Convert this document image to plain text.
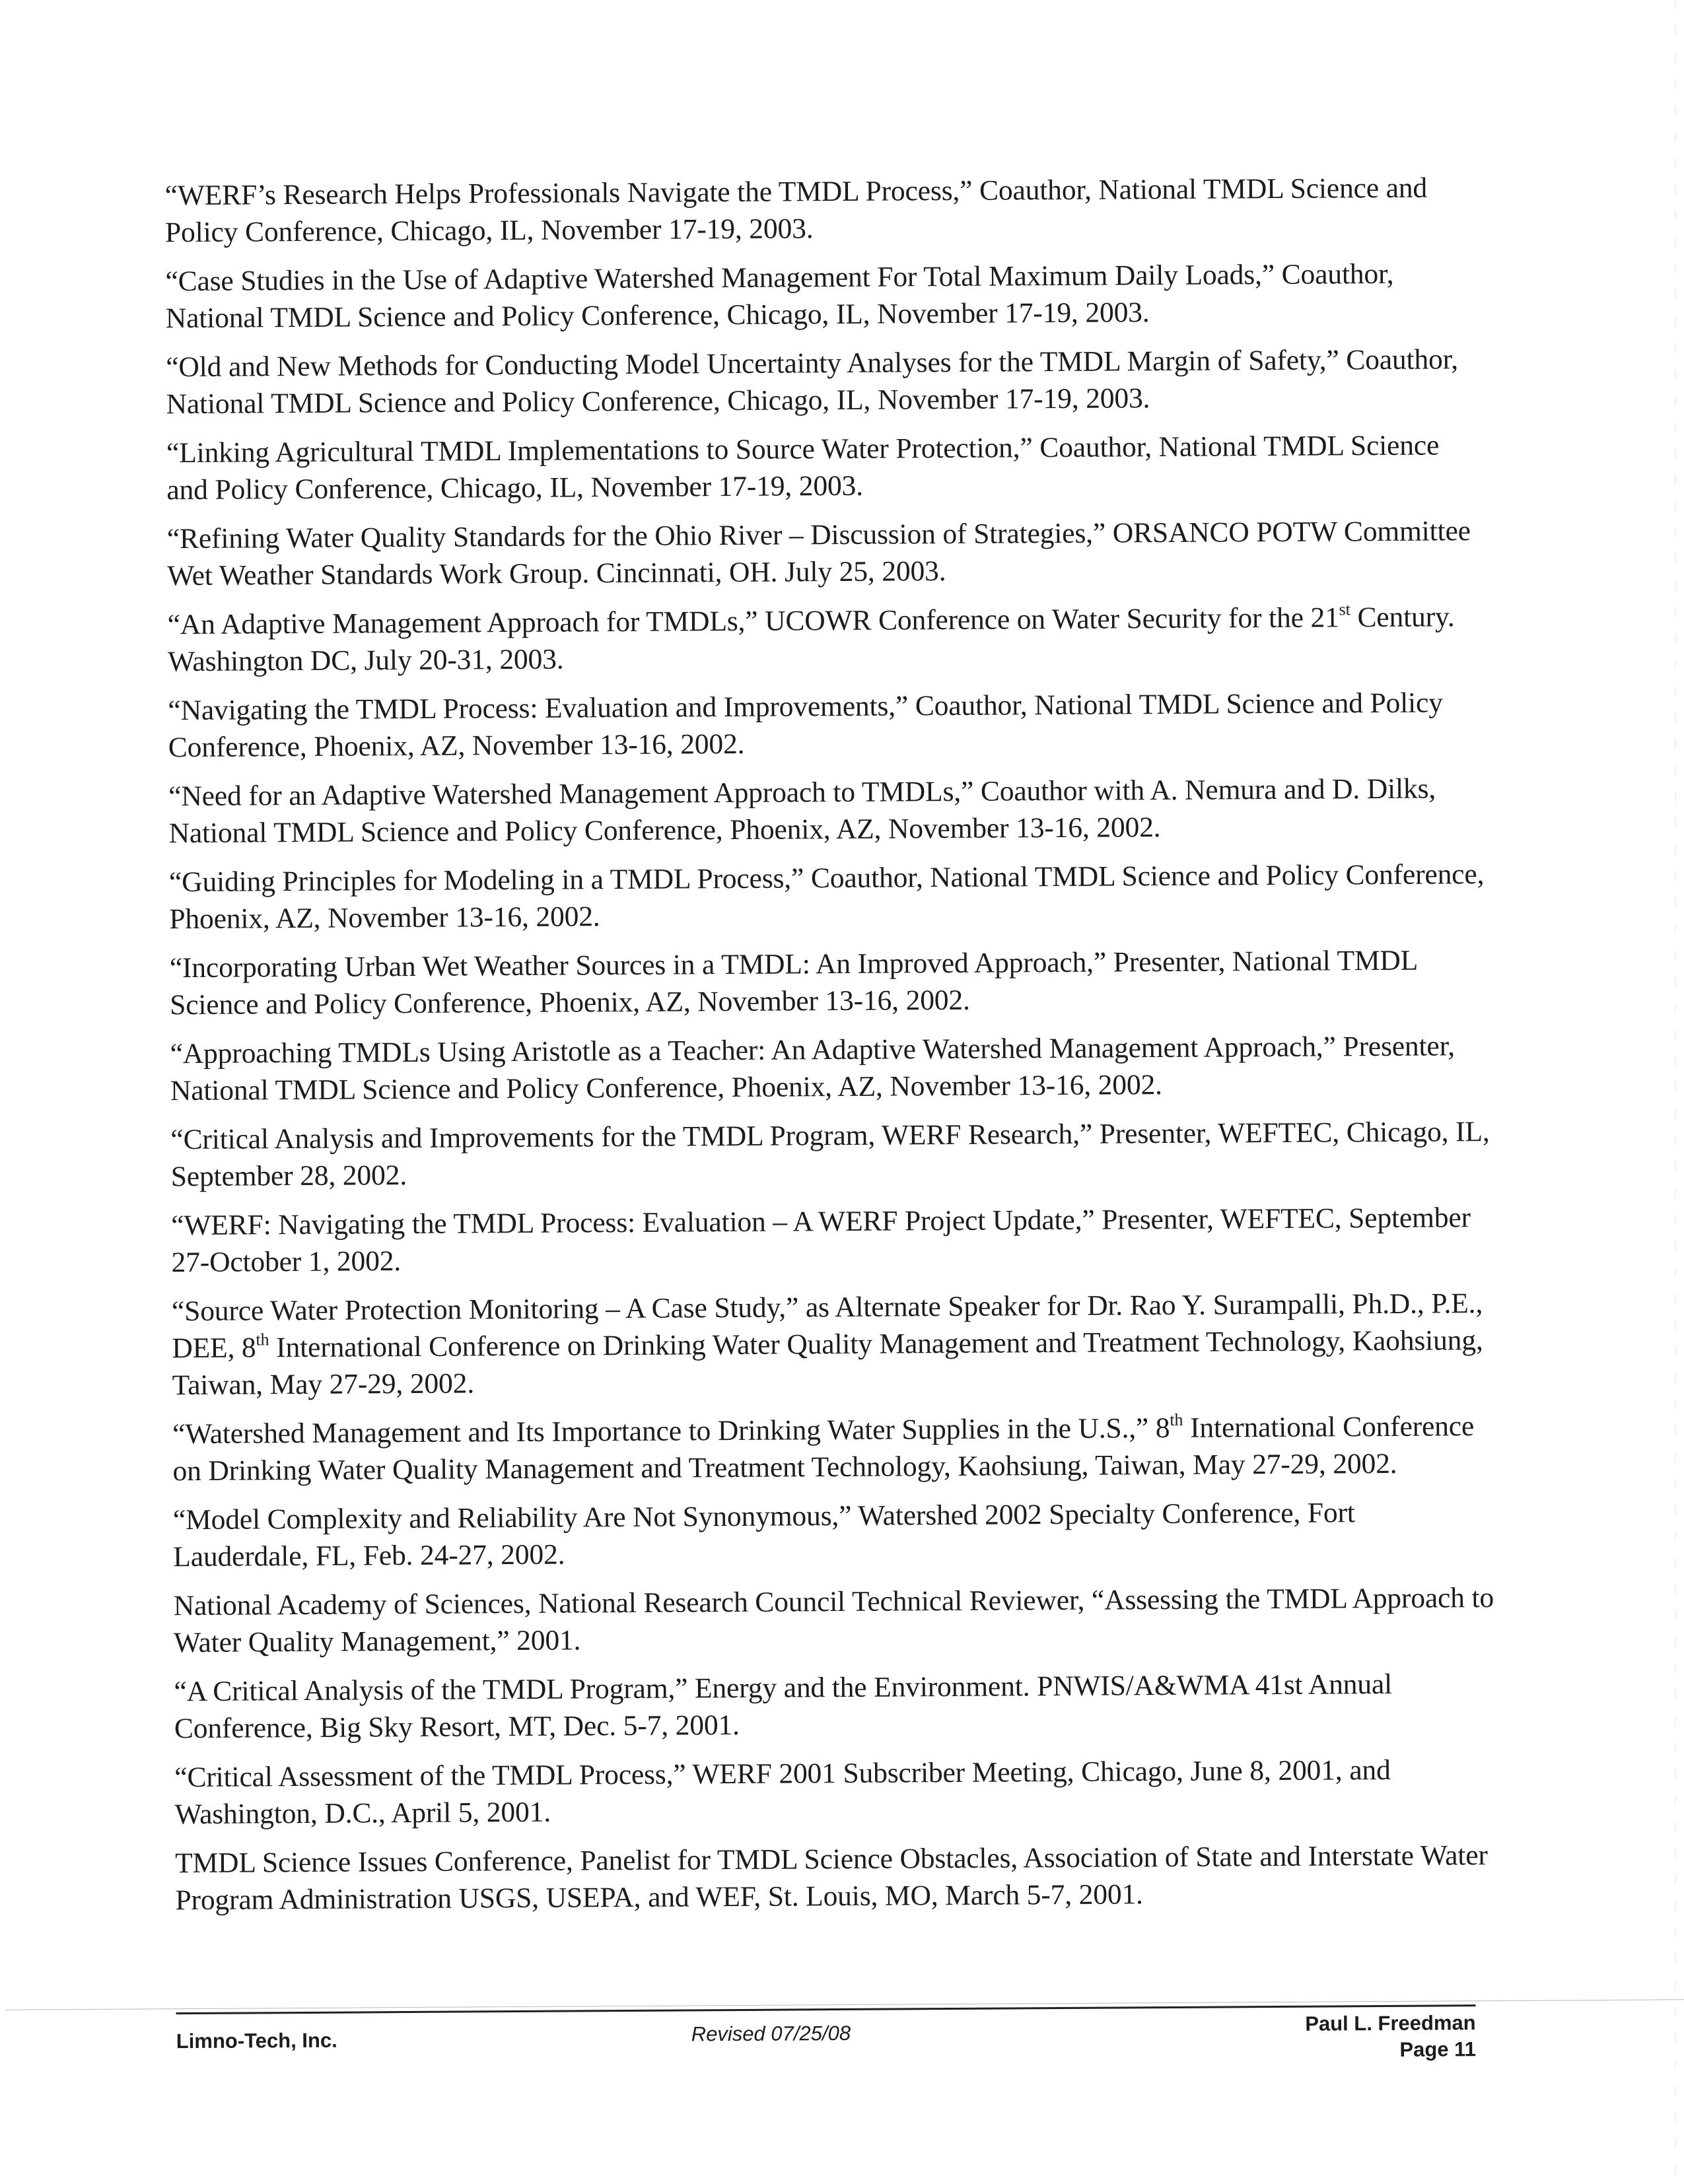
“WERF’s Research Helps Professionals Navigate the TMDL Process,” Coauthor, National TMDL Science and Policy Conference, Chicago, IL, November 17-19, 2003.

“Case Studies in the Use of Adaptive Watershed Management For Total Maximum Daily Loads,” Coauthor, National TMDL Science and Policy Conference, Chicago, IL, November 17-19, 2003.

“Old and New Methods for Conducting Model Uncertainty Analyses for the TMDL Margin of Safety,” Coauthor, National TMDL Science and Policy Conference, Chicago, IL, November 17-19, 2003.

“Linking Agricultural TMDL Implementations to Source Water Protection,” Coauthor, National TMDL Science and Policy Conference, Chicago, IL, November 17-19, 2003.

“Refining Water Quality Standards for the Ohio River – Discussion of Strategies,” ORSANCO POTW Committee Wet Weather Standards Work Group. Cincinnati, OH. July 25, 2003.

“An Adaptive Management Approach for TMDLs,” UCOWR Conference on Water Security for the 21st Century. Washington DC, July 20-31, 2003.

“Navigating the TMDL Process: Evaluation and Improvements,” Coauthor, National TMDL Science and Policy Conference, Phoenix, AZ, November 13-16, 2002.

“Need for an Adaptive Watershed Management Approach to TMDLs,” Coauthor with A. Nemura and D. Dilks, National TMDL Science and Policy Conference, Phoenix, AZ, November 13-16, 2002.

“Guiding Principles for Modeling in a TMDL Process,” Coauthor, National TMDL Science and Policy Conference, Phoenix, AZ, November 13-16, 2002.

“Incorporating Urban Wet Weather Sources in a TMDL: An Improved Approach,” Presenter, National TMDL Science and Policy Conference, Phoenix, AZ, November 13-16, 2002.

“Approaching TMDLs Using Aristotle as a Teacher: An Adaptive Watershed Management Approach,” Presenter, National TMDL Science and Policy Conference, Phoenix, AZ, November 13-16, 2002.

“Critical Analysis and Improvements for the TMDL Program, WERF Research,” Presenter, WEFTEC, Chicago, IL, September 28, 2002.

“WERF: Navigating the TMDL Process: Evaluation – A WERF Project Update,” Presenter, WEFTEC, September 27-October 1, 2002.

“Source Water Protection Monitoring – A Case Study,” as Alternate Speaker for Dr. Rao Y. Surampalli, Ph.D., P.E., DEE, 8th International Conference on Drinking Water Quality Management and Treatment Technology, Kaohsiung, Taiwan, May 27-29, 2002.

“Watershed Management and Its Importance to Drinking Water Supplies in the U.S.,” 8th International Conference on Drinking Water Quality Management and Treatment Technology, Kaohsiung, Taiwan, May 27-29, 2002.

“Model Complexity and Reliability Are Not Synonymous,” Watershed 2002 Specialty Conference, Fort Lauderdale, FL, Feb. 24-27, 2002.

National Academy of Sciences, National Research Council Technical Reviewer, “Assessing the TMDL Approach to Water Quality Management,” 2001.

“A Critical Analysis of the TMDL Program,” Energy and the Environment. PNWIS/A&WMA 41st Annual Conference, Big Sky Resort, MT, Dec. 5-7, 2001.

“Critical Assessment of the TMDL Process,” WERF 2001 Subscriber Meeting, Chicago, June 8, 2001, and Washington, D.C., April 5, 2001.

TMDL Science Issues Conference, Panelist for TMDL Science Obstacles, Association of State and Interstate Water Program Administration USGS, USEPA, and WEF, St. Louis, MO, March 5-7, 2001.

Limno-Tech, Inc.	Revised 07/25/08	Paul L. Freedman
Page 11
